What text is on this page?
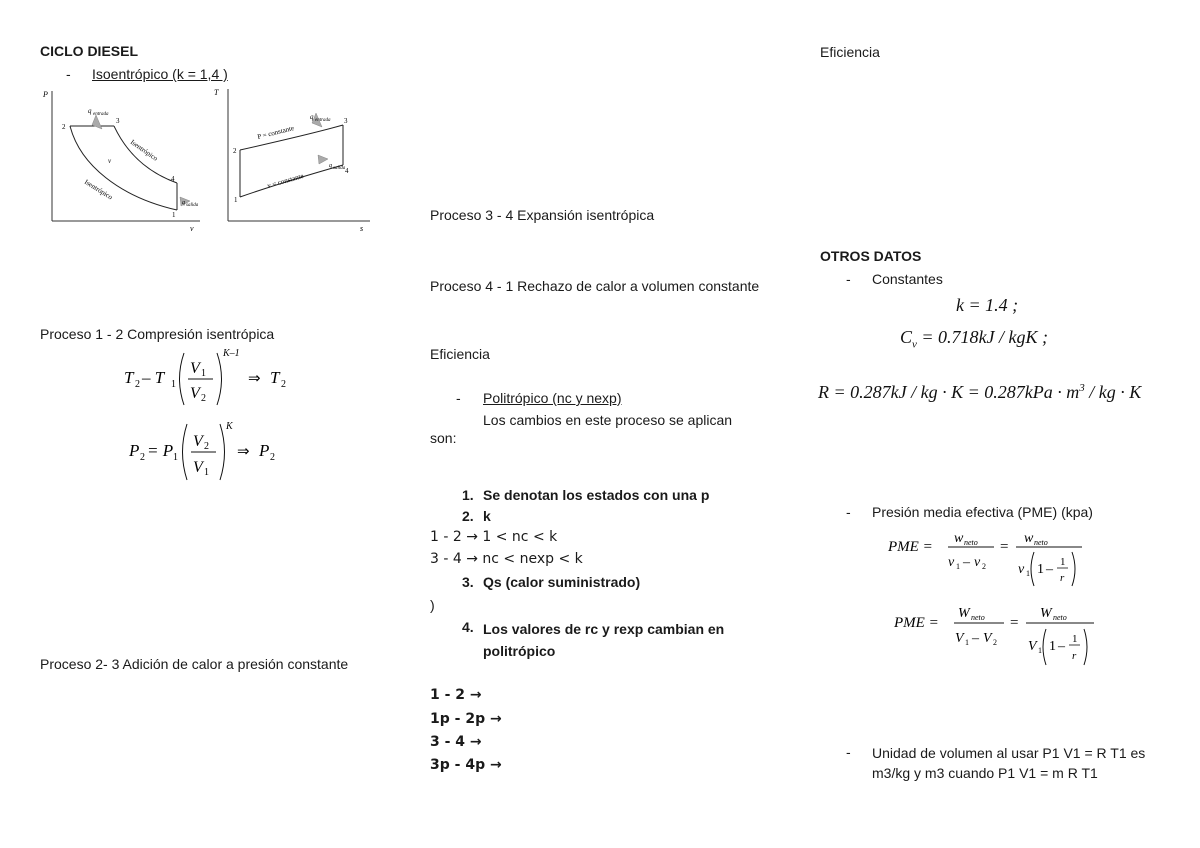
CICLO DIESEL
- Isoentrópico (k = 1,4 )
P
v
q entrada
2
3
4
1
v	Isentrópico
Isentrópico
q salida
T
s
q entrada
P = constante
v = constante
q salida
1
2
3
4
Proceso 1 - 2 Compresión isentrópica
T 2 – T 1
V 1
V 2
K–1
⇒ T 2
P 2 = P 1
V 2
V 1
K
⇒ P 2
Proceso 2- 3 Adición de calor a presión constante
Proceso 3 - 4 Expansión isentrópica
Proceso 4 - 1 Rechazo de calor a volumen constante
Eficiencia
- Politrópico (nc y nexp)
Los cambios en este proceso se aplican son:
1. Se denotan los estados con una p
2. k
1 - 2 → 1 < nc < k
3 - 4 → nc < nexp < k
3. Qs (calor suministrado)
)
4. Los valores de rc y rexp cambian en politrópico
1 - 2 →
1p - 2p →
3 - 4 →
3p - 4p →
Eficiencia
OTROS DATOS
- Constantes
k = 1.4 ;
$C_v = 0.718kJ$ / kgK ;
R = 0.287kJ / kg · $K = 0.287kPa \cdot m^3$ / kg · K
- Presión media efectiva (PME) (kpa)
PME =
w neto
v 1 – v 2
=
w neto
v 1 1 – 1
r
PME =
W neto
V 1 – V 2
=
W neto
V 1 1 – 1
r
- Unidad de volumen al usar P1 V1 = R T1 es m3/kg y m3 cuando P1 V1 = m R T1
